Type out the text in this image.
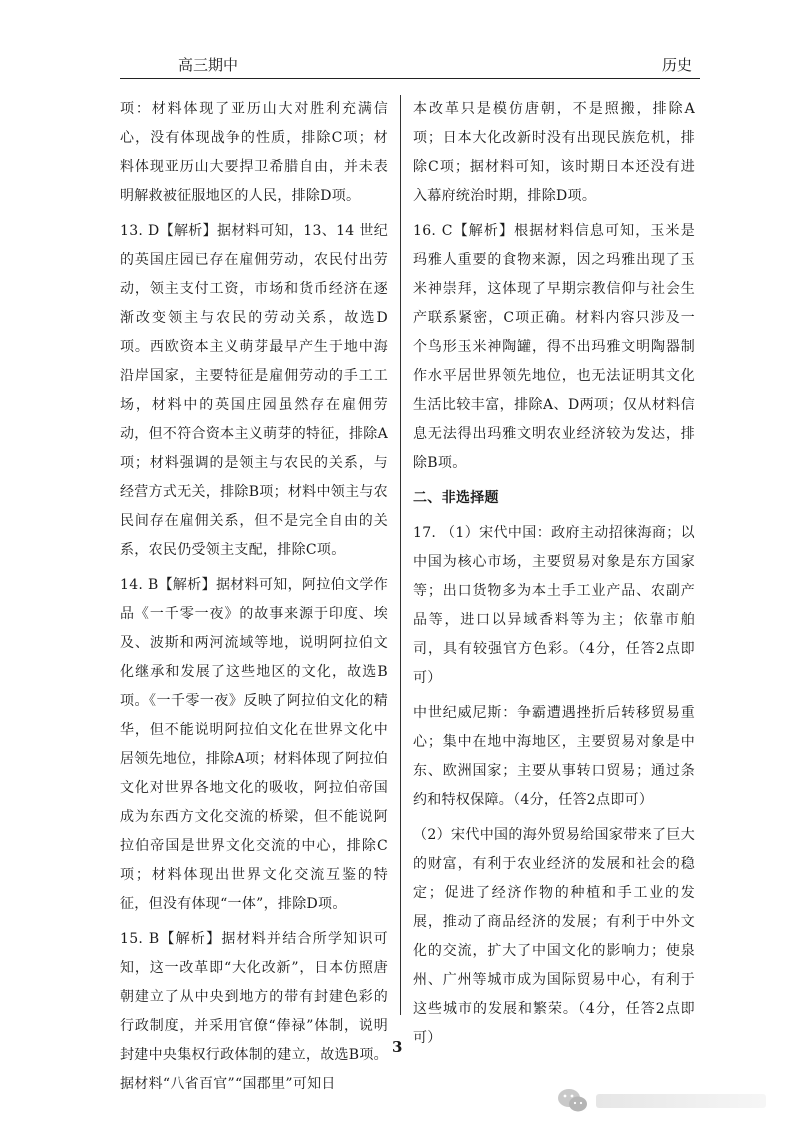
高三期中	历史

项：材料体现了亚历山大对胜利充满信心，没有体现战争的性质，排除C项；材料体现亚历山大要捍卫希腊自由，并未表明解救被征服地区的人民，排除D项。

13. D【解析】据材料可知，13、14 世纪的英国庄园已存在雇佣劳动，农民付出劳动，领主支付工资，市场和货币经济在逐渐改变领主与农民的劳动关系，故选D项。西欧资本主义萌芽最早产生于地中海沿岸国家，主要特征是雇佣劳动的手工工场，材料中的英国庄园虽然存在雇佣劳动，但不符合资本主义萌芽的特征，排除A项；材料强调的是领主与农民的关系，与经营方式无关，排除B项；材料中领主与农民间存在雇佣关系，但不是完全自由的关系，农民仍受领主支配，排除C项。

14. B【解析】据材料可知，阿拉伯文学作品《一千零一夜》的故事来源于印度、埃及、波斯和两河流域等地，说明阿拉伯文化继承和发展了这些地区的文化，故选B项。《一千零一夜》反映了阿拉伯文化的精华，但不能说明阿拉伯文化在世界文化中居领先地位，排除A项；材料体现了阿拉伯文化对世界各地文化的吸收，阿拉伯帝国成为东西方文化交流的桥梁，但不能说阿拉伯帝国是世界文化交流的中心，排除C项；材料体现出世界文化交流互鉴的特征，但没有体现“一体”，排除D项。

15. B【解析】据材料并结合所学知识可知，这一改革即“大化改新”，日本仿照唐朝建立了从中央到地方的带有封建色彩的行政制度，并采用官僚“俸禄”体制，说明封建中央集权行政体制的建立，故选B项。据材料“八省百官”“国郡里”可知日

本改革只是模仿唐朝，不是照搬，排除A项；日本大化改新时没有出现民族危机，排除C项；据材料可知，该时期日本还没有进入幕府统治时期，排除D项。

16. C【解析】根据材料信息可知，玉米是玛雅人重要的食物来源，因之玛雅出现了玉米神崇拜，这体现了早期宗教信仰与社会生产联系紧密，C项正确。材料内容只涉及一个鸟形玉米神陶罐，得不出玛雅文明陶器制作水平居世界领先地位，也无法证明其文化生活比较丰富，排除A、D两项；仅从材料信息无法得出玛雅文明农业经济较为发达，排除B项。

二、非选择题

17. （1）宋代中国：政府主动招徕海商；以中国为核心市场，主要贸易对象是东方国家等；出口货物多为本土手工业产品、农副产品等，进口以异域香料等为主；依靠市舶司，具有较强官方色彩。（4分，任答2点即可）

中世纪威尼斯：争霸遭遇挫折后转移贸易重心；集中在地中海地区，主要贸易对象是中东、欧洲国家；主要从事转口贸易；通过条约和特权保障。（4分，任答2点即可）

（2）宋代中国的海外贸易给国家带来了巨大的财富，有利于农业经济的发展和社会的稳定；促进了经济作物的种植和手工业的发展，推动了商品经济的发展；有利于中外文化的交流，扩大了中国文化的影响力；使泉州、广州等城市成为国际贸易中心，有利于这些城市的发展和繁荣。（4分，任答2点即可）

3
